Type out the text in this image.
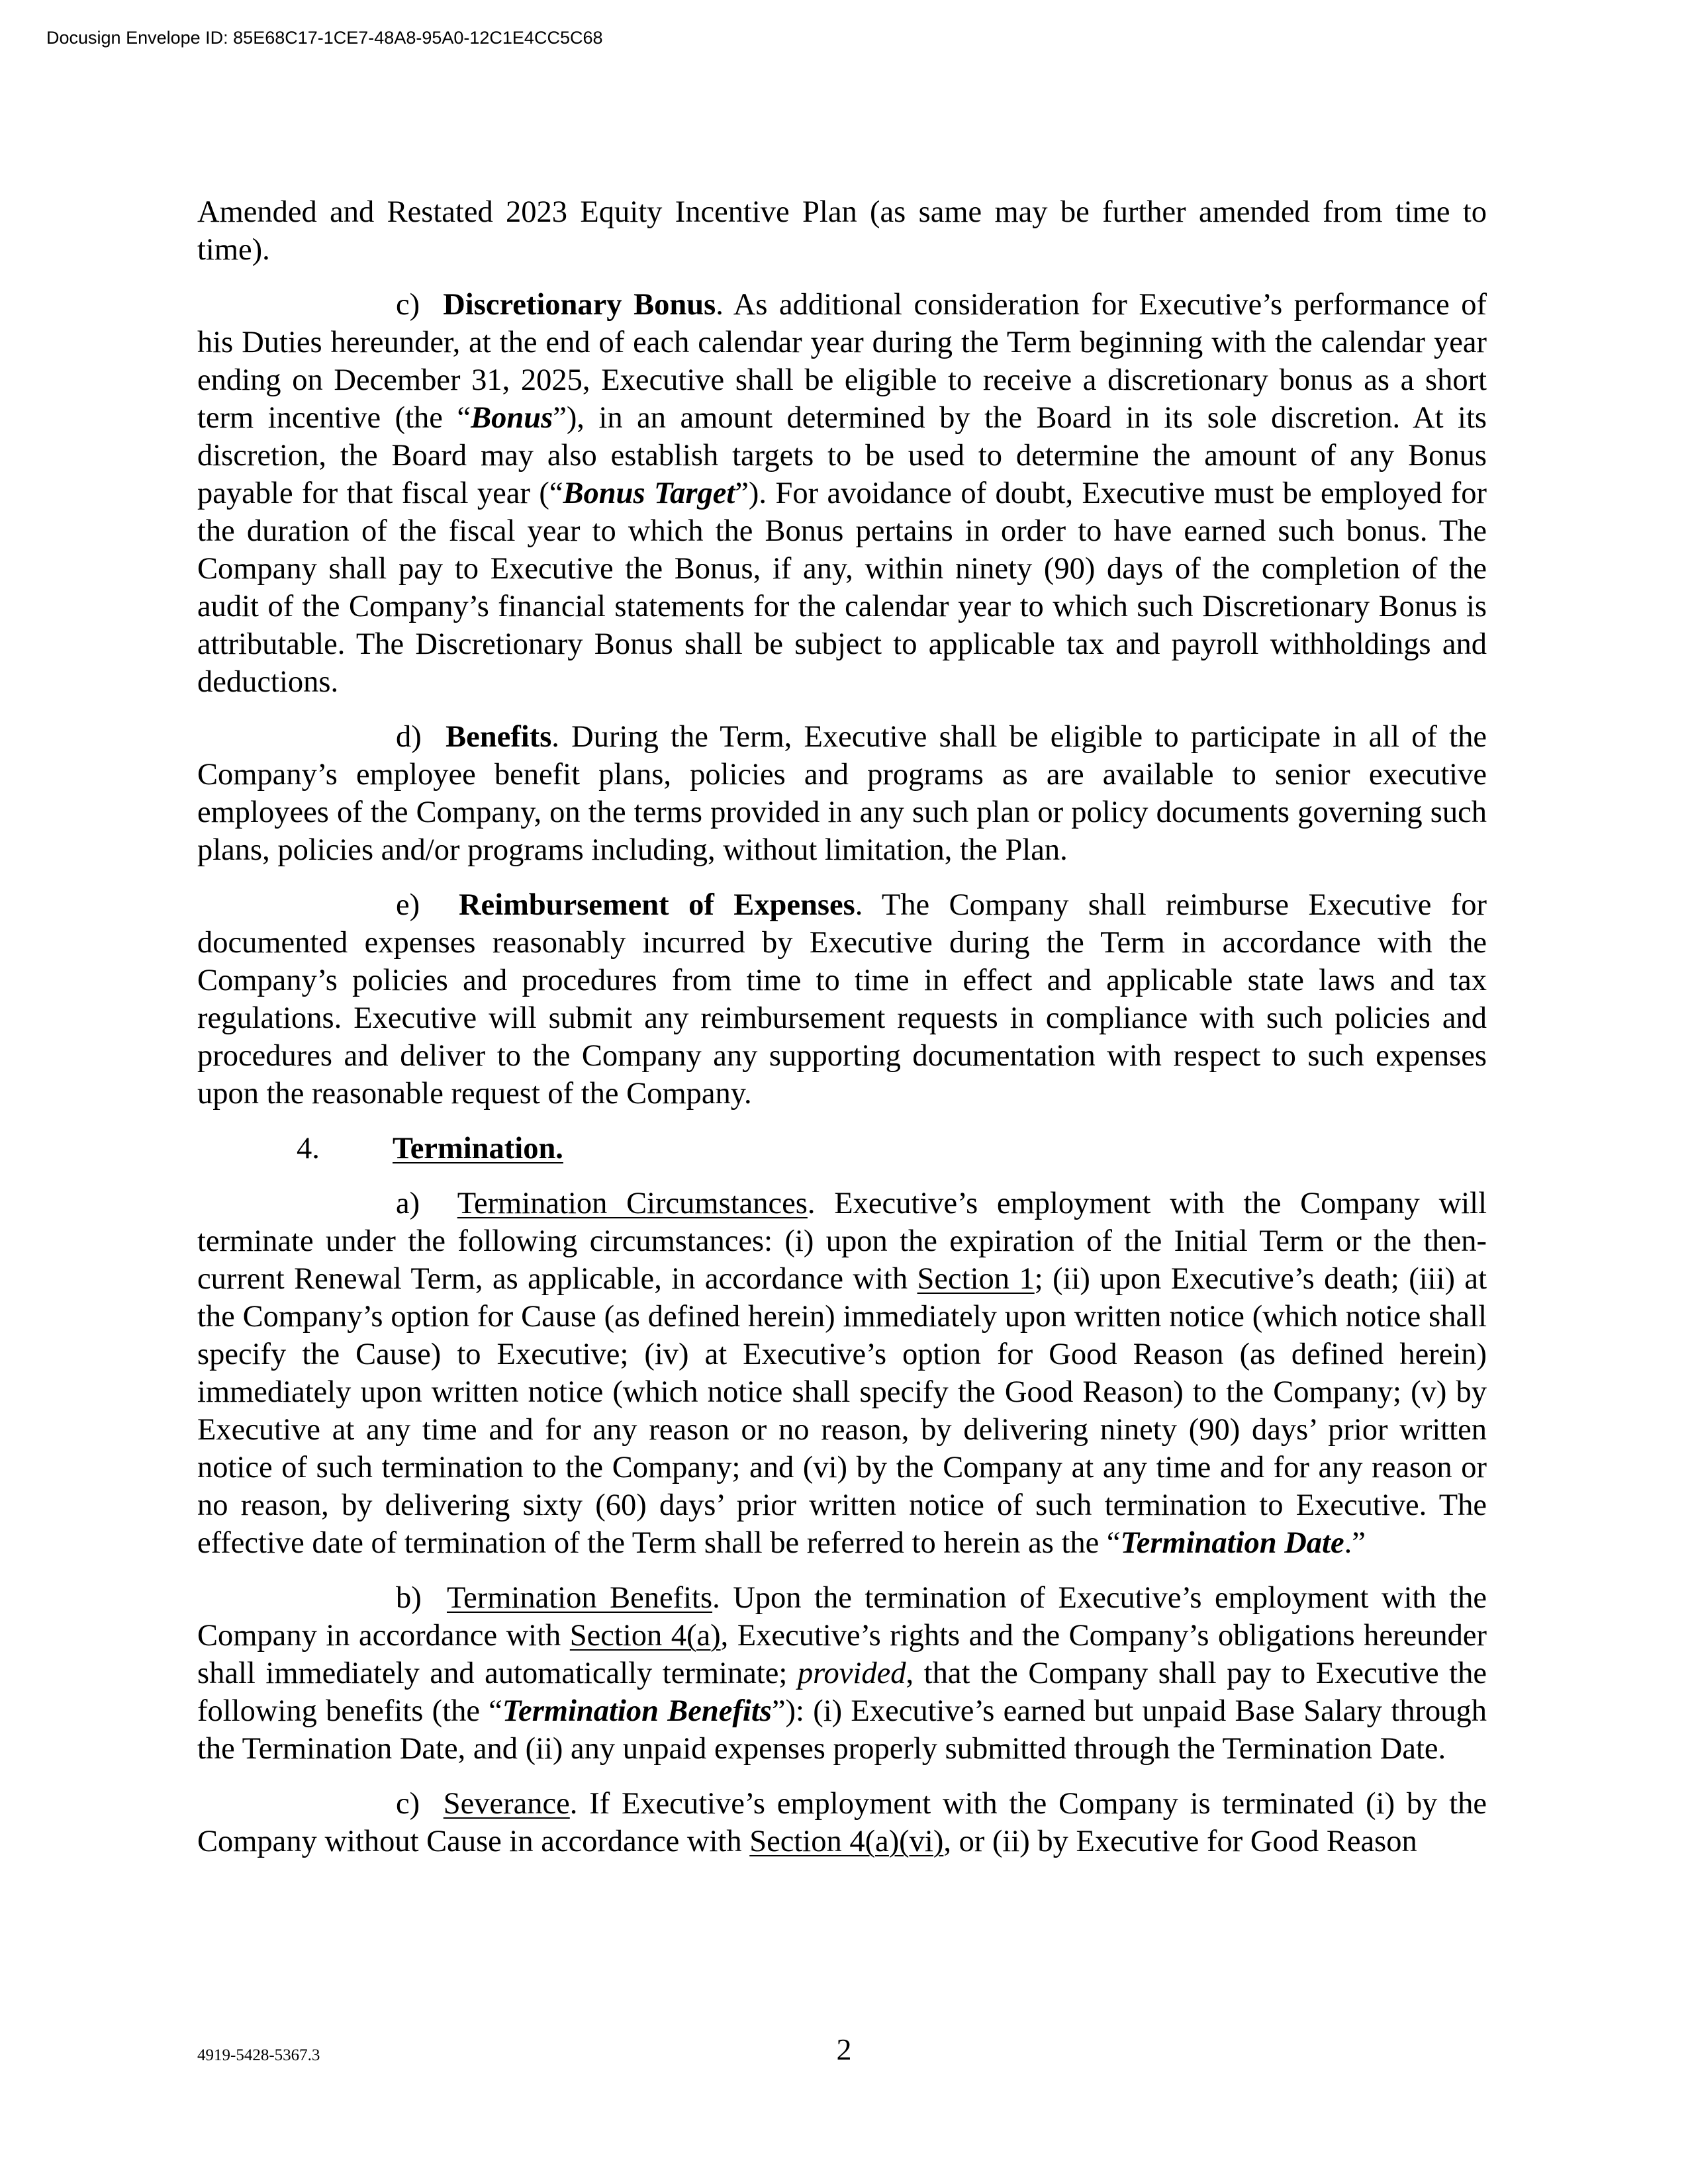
Docusign Envelope ID: 85E68C17-1CE7-48A8-95A0-12C1E4CC5C68

Amended and Restated 2023 Equity Incentive Plan (as same may be further amended from time to time).

c) Discretionary Bonus. As additional consideration for Executive’s performance of his Duties hereunder, at the end of each calendar year during the Term beginning with the calendar year ending on December 31, 2025, Executive shall be eligible to receive a discretionary bonus as a short term incentive (the “Bonus”), in an amount determined by the Board in its sole discretion. At its discretion, the Board may also establish targets to be used to determine the amount of any Bonus payable for that fiscal year (“Bonus Target”). For avoidance of doubt, Executive must be employed for the duration of the fiscal year to which the Bonus pertains in order to have earned such bonus. The Company shall pay to Executive the Bonus, if any, within ninety (90) days of the completion of the audit of the Company’s financial statements for the calendar year to which such Discretionary Bonus is attributable. The Discretionary Bonus shall be subject to applicable tax and payroll withholdings and deductions.

d) Benefits. During the Term, Executive shall be eligible to participate in all of the Company’s employee benefit plans, policies and programs as are available to senior executive employees of the Company, on the terms provided in any such plan or policy documents governing such plans, policies and/or programs including, without limitation, the Plan.

e) Reimbursement of Expenses. The Company shall reimburse Executive for documented expenses reasonably incurred by Executive during the Term in accordance with the Company’s policies and procedures from time to time in effect and applicable state laws and tax regulations. Executive will submit any reimbursement requests in compliance with such policies and procedures and deliver to the Company any supporting documentation with respect to such expenses upon the reasonable request of the Company.

4. Termination.

a) Termination Circumstances. Executive’s employment with the Company will terminate under the following circumstances: (i) upon the expiration of the Initial Term or the then-current Renewal Term, as applicable, in accordance with Section 1; (ii) upon Executive’s death; (iii) at the Company’s option for Cause (as defined herein) immediately upon written notice (which notice shall specify the Cause) to Executive; (iv) at Executive’s option for Good Reason (as defined herein) immediately upon written notice (which notice shall specify the Good Reason) to the Company; (v) by Executive at any time and for any reason or no reason, by delivering ninety (90) days’ prior written notice of such termination to the Company; and (vi) by the Company at any time and for any reason or no reason, by delivering sixty (60) days’ prior written notice of such termination to Executive. The effective date of termination of the Term shall be referred to herein as the “Termination Date.”

b) Termination Benefits. Upon the termination of Executive’s employment with the Company in accordance with Section 4(a), Executive’s rights and the Company’s obligations hereunder shall immediately and automatically terminate; provided, that the Company shall pay to Executive the following benefits (the “Termination Benefits”): (i) Executive’s earned but unpaid Base Salary through the Termination Date, and (ii) any unpaid expenses properly submitted through the Termination Date.

c) Severance. If Executive’s employment with the Company is terminated (i) by the Company without Cause in accordance with Section 4(a)(vi), or (ii) by Executive for Good Reason

4919-5428-5367.3	2
